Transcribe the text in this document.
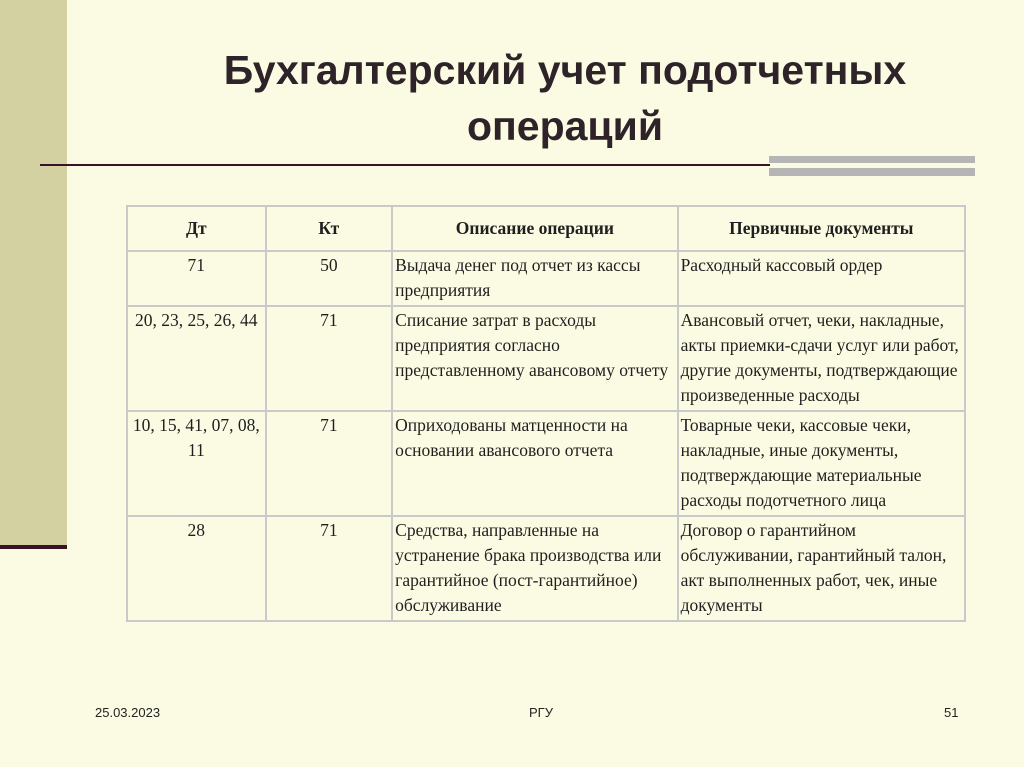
Бухгалтерский учет подотчетных
операций
Дт	Кт	Описание операции	Первичные документы
71	50	Выдача денег под отчет из кассы предприятия	Расходный кассовый ордер
20, 23, 25, 26, 44	71	Списание затрат в расходы предприятия согласно представленному авансовому отчету	Авансовый отчет, чеки, накладные, акты приемки-сдачи услуг или работ, другие документы, подтверждающие произведенные расходы
10, 15, 41, 07, 08, 11	71	Оприходованы матценности на основании авансового отчета	Товарные чеки, кассовые чеки, накладные, иные документы, подтверждающие материальные расходы подотчетного лица
28	71	Средства, направленные на устранение брака производства или гарантийное (пост-гарантийное) обслуживание	Договор о гарантийном обслуживании, гарантийный талон, акт выполненных работ, чек, иные документы
25.03.2023	РГУ	51
